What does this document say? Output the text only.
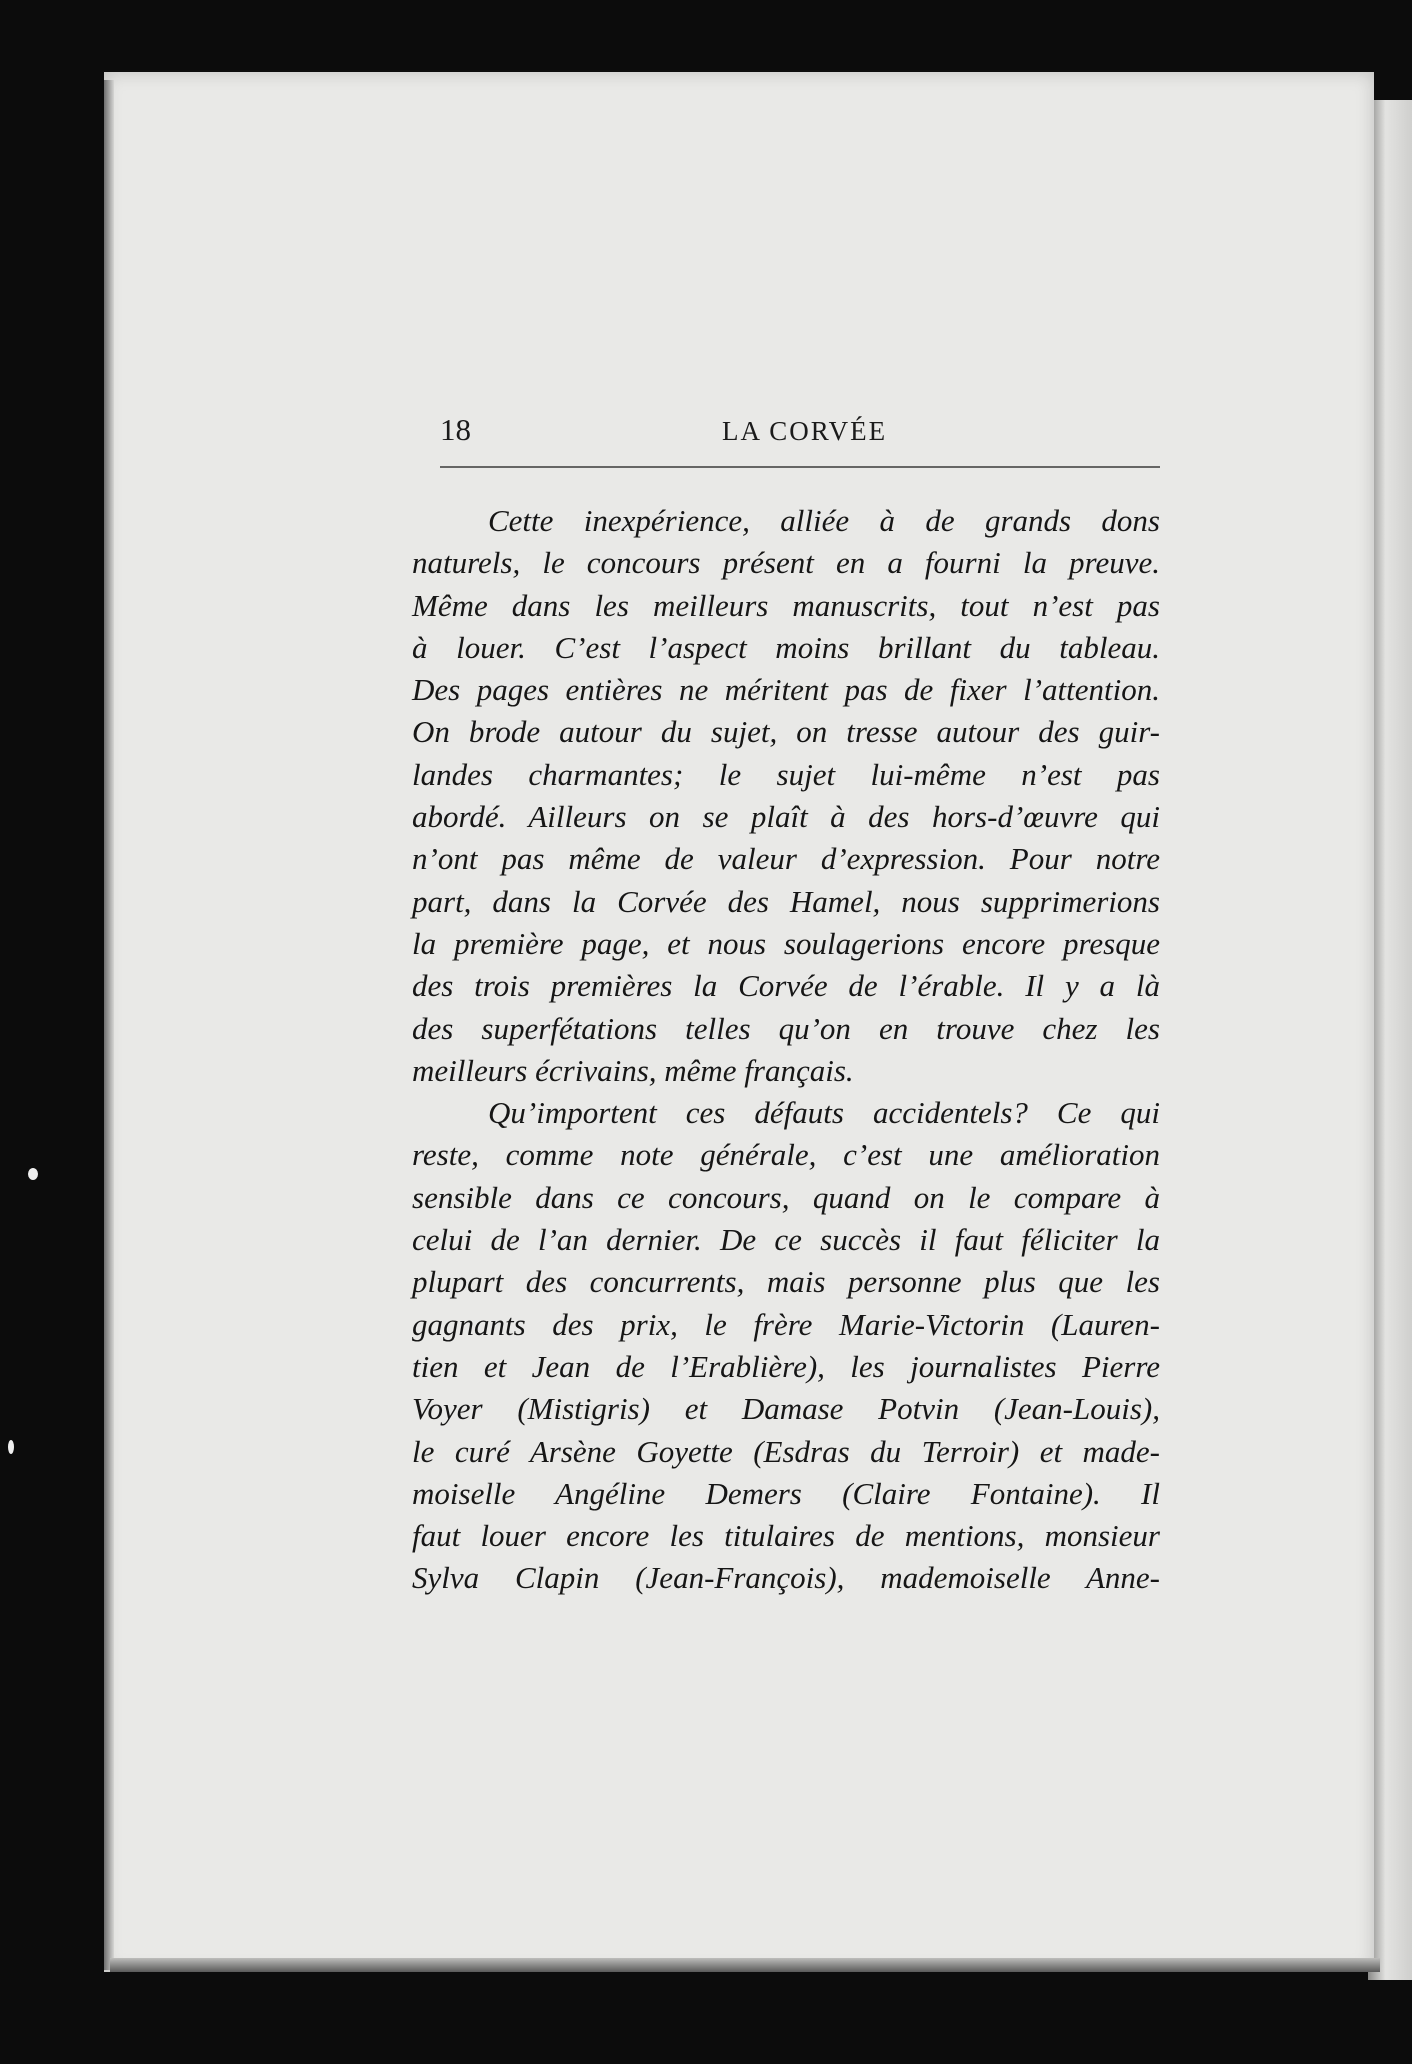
18	LA CORVÉE
Cette inexpérience, alliée à de grands dons
naturels, le concours présent en a fourni la preuve.
Même dans les meilleurs manuscrits, tout n’est pas
à louer. C’est l’aspect moins brillant du tableau.
Des pages entières ne méritent pas de fixer l’attention.
On brode autour du sujet, on tresse autour des guir-
landes charmantes; le sujet lui-même n’est pas
abordé. Ailleurs on se plaît à des hors-d’œuvre qui
n’ont pas même de valeur d’expression. Pour notre
part, dans la Corvée des Hamel, nous supprimerions
la première page, et nous soulagerions encore presque
des trois premières la Corvée de l’érable. Il y a là
des superfétations telles qu’on en trouve chez les
meilleurs écrivains, même français.
Qu’importent ces défauts accidentels? Ce qui
reste, comme note générale, c’est une amélioration
sensible dans ce concours, quand on le compare à
celui de l’an dernier. De ce succès il faut féliciter la
plupart des concurrents, mais personne plus que les
gagnants des prix, le frère Marie-Victorin (Lauren-
tien et Jean de l’Erablière), les journalistes Pierre
Voyer (Mistigris) et Damase Potvin (Jean-Louis),
le curé Arsène Goyette (Esdras du Terroir) et made-
moiselle Angéline Demers (Claire Fontaine). Il
faut louer encore les titulaires de mentions, monsieur
Sylva Clapin (Jean-François), mademoiselle Anne-
